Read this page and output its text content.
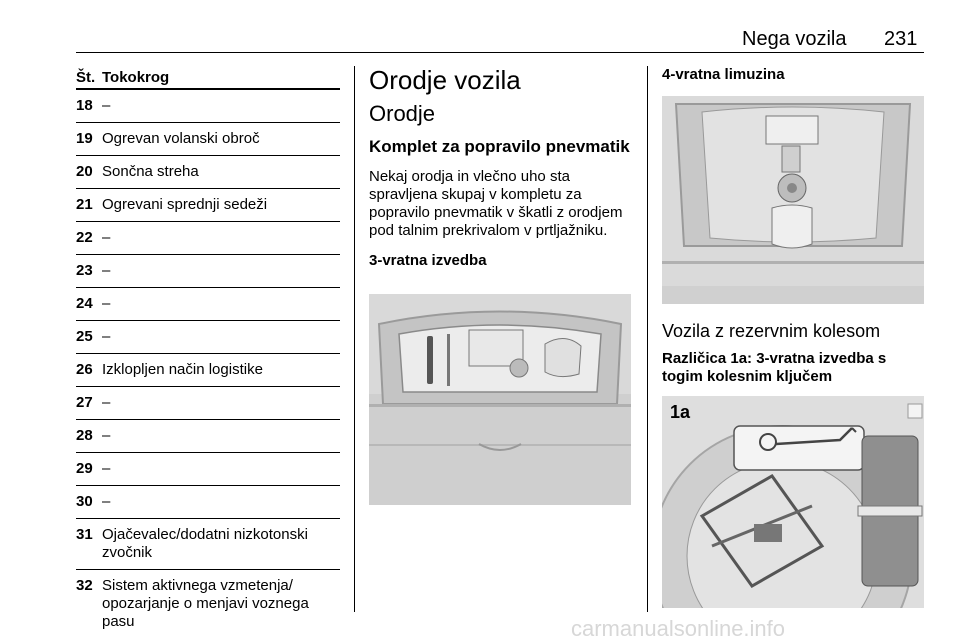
Nega vozila 231
Št. Tokokrog
18 –
19 Ogrevan volanski obroč
20 Sončna streha
21 Ogrevani sprednji sedeži
22 –
23 –
24 –
25 –
26 Izklopljen način logistike
27 –
28 –
29 –
30 –
31 Ojačevalec/dodatni nizkotonski zvočnik
32 Sistem aktivnega vzmetenja/ opozarjanje o menjavi voznega pasu
Orodje vozila
Orodje
Komplet za popravilo pnevmatik
Nekaj orodja in vlečno uho sta spravljena skupaj v kompletu za popravilo pnevmatik v škatli z orodjem pod talnim prekrivalom v prtljažniku.
3-vratna izvedba
4-vratna limuzina
Vozila z rezervnim kolesom
Različica 1a: 3-vratna izvedba s togim kolesnim ključem
1a
carmanualsonline.info
